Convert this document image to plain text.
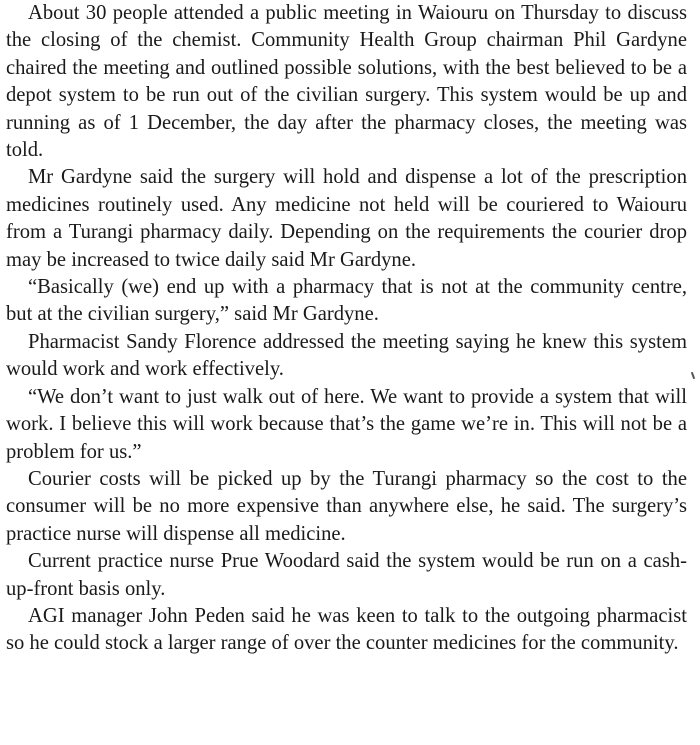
About 30 people attended a public meeting in Waiouru on Thursday to discuss the closing of the chemist. Community Health Group chairman Phil Gardyne chaired the meeting and outlined possible solutions, with the best believed to be a depot system to be run out of the civilian surgery. This system would be up and running as of 1 December, the day after the pharmacy closes, the meeting was told.

Mr Gardyne said the surgery will hold and dispense a lot of the prescription medicines routinely used. Any medicine not held will be couriered to Waiouru from a Turangi pharmacy daily. Depending on the requirements the courier drop may be increased to twice daily said Mr Gardyne.

“Basically (we) end up with a pharmacy that is not at the community centre, but at the civilian surgery,” said Mr Gardyne.

Pharmacist Sandy Florence addressed the meeting saying he knew this system would work and work effectively.

“We don’t want to just walk out of here. We want to provide a system that will work. I believe this will work because that’s the game we’re in. This will not be a problem for us.”

Courier costs will be picked up by the Turangi pharmacy so the cost to the consumer will be no more expensive than anywhere else, he said. The surgery’s practice nurse will dispense all medicine.

Current practice nurse Prue Woodard said the system would be run on a cash-up-front basis only.

AGI manager John Peden said he was keen to talk to the outgoing pharmacist so he could stock a larger range of over the counter medicines for the community.
